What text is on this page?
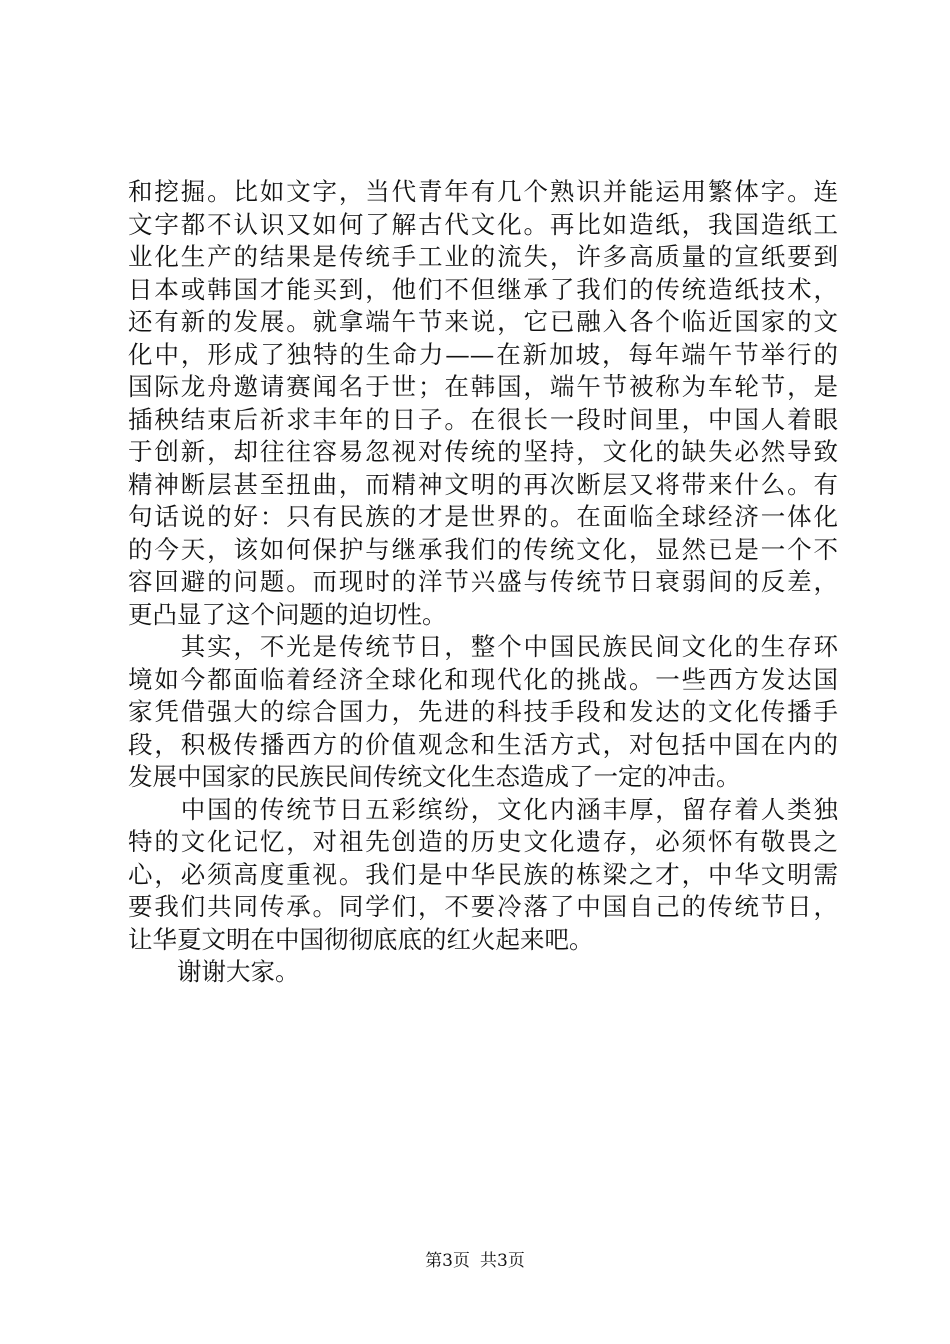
和挖掘。比如文字，当代青年有几个熟识并能运用繁体字。连
文字都不认识又如何了解古代文化。再比如造纸，我国造纸工
业化生产的结果是传统手工业的流失，许多高质量的宣纸要到
日本或韩国才能买到，他们不但继承了我们的传统造纸技术，
还有新的发展。就拿端午节来说，它已融入各个临近国家的文
化中，形成了独特的生命力——在新加坡，每年端午节举行的
国际龙舟邀请赛闻名于世；在韩国，端午节被称为车轮节，是
插秧结束后祈求丰年的日子。在很长一段时间里，中国人着眼
于创新，却往往容易忽视对传统的坚持，文化的缺失必然导致
精神断层甚至扭曲，而精神文明的再次断层又将带来什么。有
句话说的好：只有民族的才是世界的。在面临全球经济一体化
的今天，该如何保护与继承我们的传统文化，显然已是一个不
容回避的问题。而现时的洋节兴盛与传统节日衰弱间的反差，
更凸显了这个问题的迫切性。

　　其实，不光是传统节日，整个中国民族民间文化的生存环
境如今都面临着经济全球化和现代化的挑战。一些西方发达国
家凭借强大的综合国力，先进的科技手段和发达的文化传播手
段，积极传播西方的价值观念和生活方式，对包括中国在内的
发展中国家的民族民间传统文化生态造成了一定的冲击。

　　中国的传统节日五彩缤纷，文化内涵丰厚，留存着人类独
特的文化记忆，对祖先创造的历史文化遗存，必须怀有敬畏之
心，必须高度重视。我们是中华民族的栋梁之才，中华文明需
要我们共同传承。同学们，不要冷落了中国自己的传统节日，
让华夏文明在中国彻彻底底的红火起来吧。

　　谢谢大家。

第3页 共3页
